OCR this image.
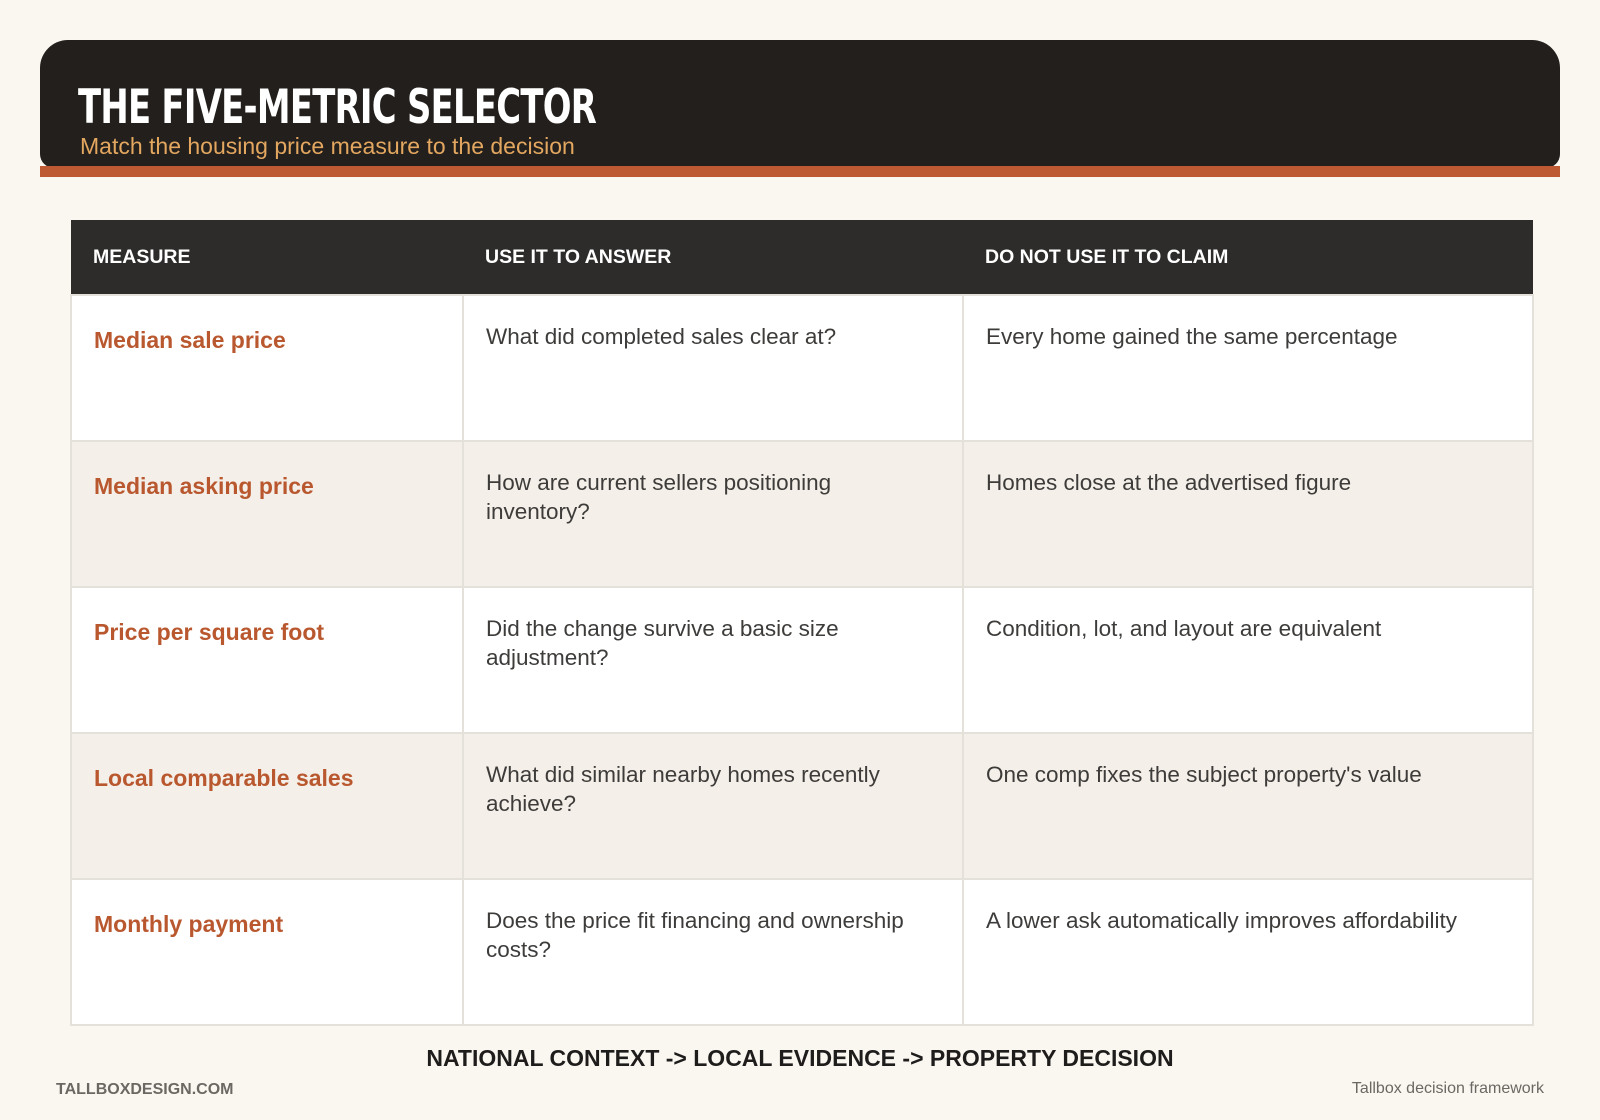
THE FIVE-METRIC SELECTOR
Match the housing price measure to the decision
MEASURE	USE IT TO ANSWER	DO NOT USE IT TO CLAIM
Median sale price	What did completed sales clear at?	Every home gained the same percentage
Median asking price	How are current sellers positioning inventory?	Homes close at the advertised figure
Price per square foot	Did the change survive a basic size adjustment?	Condition, lot, and layout are equivalent
Local comparable sales	What did similar nearby homes recently achieve?	One comp fixes the subject property's value
Monthly payment	Does the price fit financing and ownership costs?	A lower ask automatically improves affordability
NATIONAL CONTEXT -> LOCAL EVIDENCE -> PROPERTY DECISION
TALLBOXDESIGN.COM	Tallbox decision framework
